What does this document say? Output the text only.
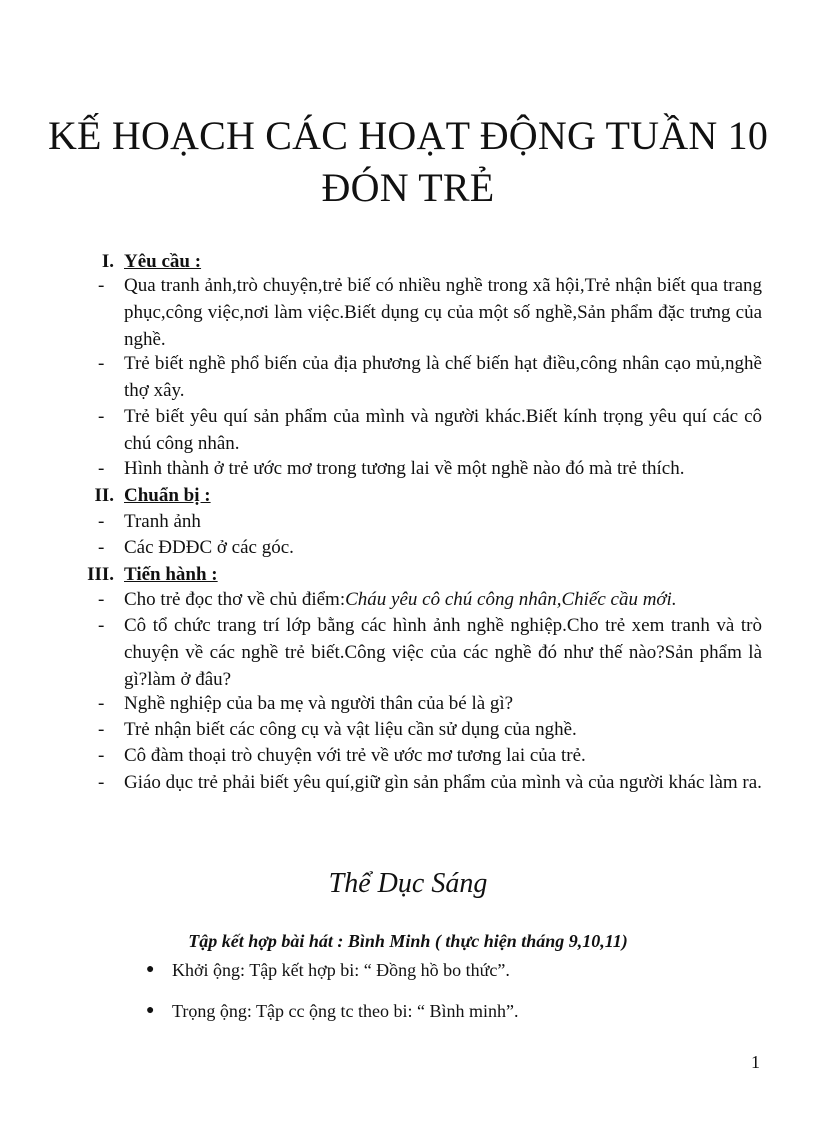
KẾ HOẠCH CÁC HOẠT ĐỘNG TUẦN 10
ĐÓN TRẺ
I. Yêu cầu :
- Qua tranh ảnh,trò chuyện,trẻ biế có nhiều nghề trong xã hội,Trẻ nhận biết qua trang phục,công việc,nơi làm việc.Biết dụng cụ của một số nghề,Sản phẩm đặc trưng của nghề.
- Trẻ biết nghề phổ biến của địa phương là chế biến hạt điều,công nhân cạo mủ,nghề thợ xây.
- Trẻ biết yêu quí sản phẩm của mình và người khác.Biết kính trọng yêu quí các cô chú công nhân.
- Hình thành ở trẻ ước mơ trong tương lai về một nghề nào đó mà trẻ thích.
II. Chuẩn bị :
- Tranh ảnh
- Các ĐDĐC ở các góc.
III. Tiến hành :
- Cho trẻ đọc thơ về chủ điểm:Cháu yêu cô chú công nhân,Chiếc cầu mới.
- Cô tổ chức trang trí lớp bằng các hình ảnh nghề nghiệp.Cho trẻ xem tranh và trò chuyện về các nghề trẻ biết.Công việc của các nghề đó như thế nào?Sản phẩm là gì?làm ở đâu?
- Nghề nghiệp của ba mẹ và người thân của bé là gì?
- Trẻ nhận biết các công cụ và vật liệu cần sử dụng của nghề.
- Cô đàm thoại trò chuyện với trẻ về ước mơ tương lai của trẻ.
- Giáo dục trẻ phải biết yêu quí,giữ gìn sản phẩm của mình và của người khác làm ra.
Thể Dục Sáng
Tập kết hợp bài hát : Bình Minh ( thực hiện tháng 9,10,11)
● Khởi ộng: Tập kết hợp bi: “ Đồng hồ bo thức”.
● Trọng ộng: Tập cc ộng tc theo bi: “ Bình minh”.
1
